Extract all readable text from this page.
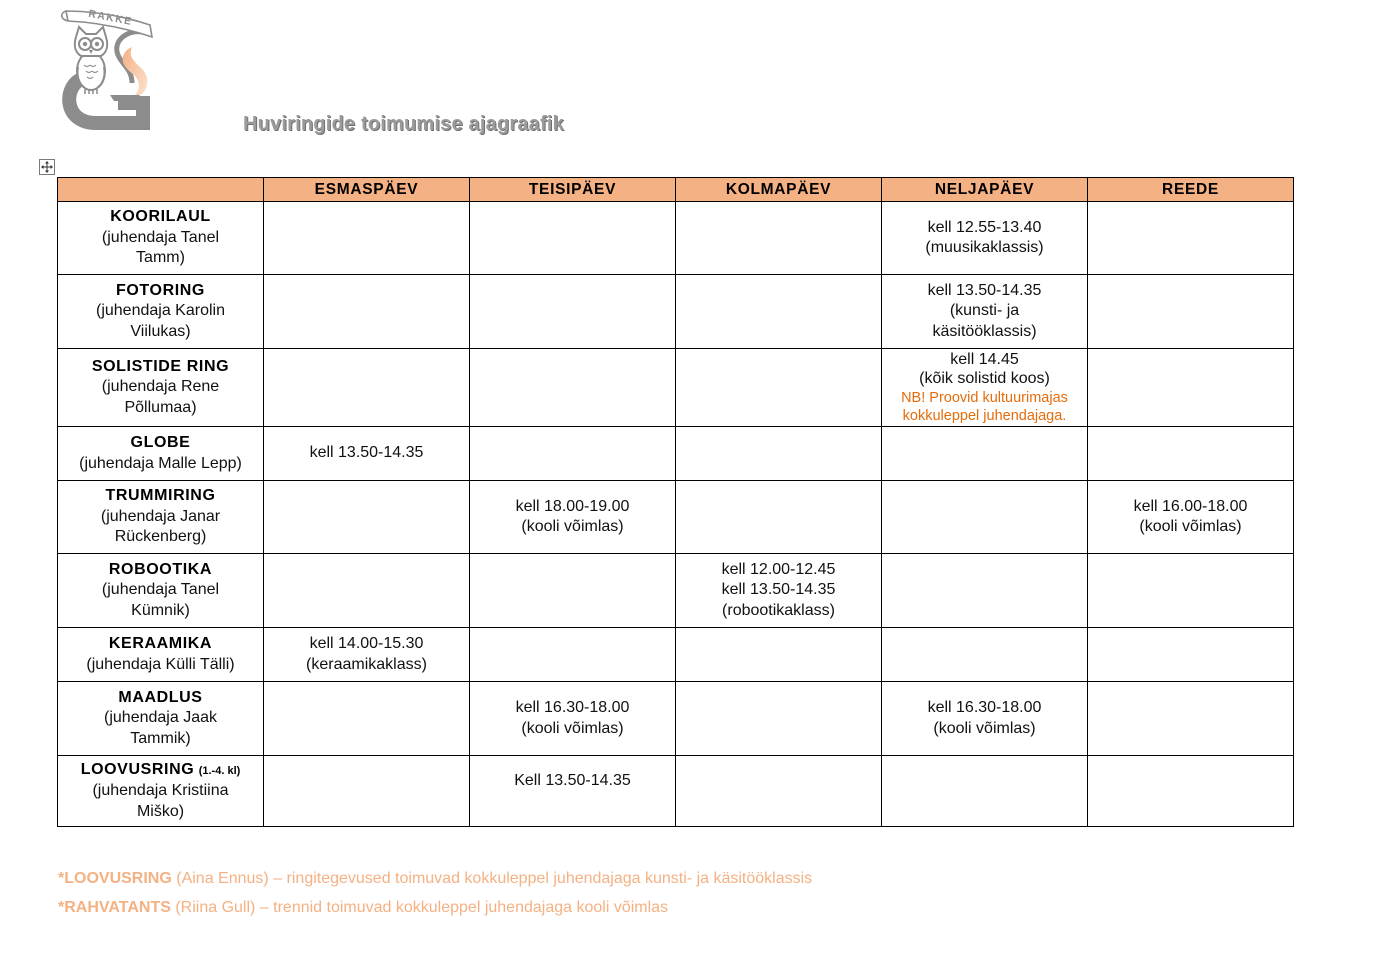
RAKKE
Huviringide toimumise ajagraafik
	ESMASPÄEV	TEISIPÄEV	KOLMAPÄEV	NELJAPÄEV	REEDE

KOORILAUL
(juhendaja Tanel
Tamm)				kell 12.55-13.40
(muusikaklassis)	

FOTORING
(juhendaja Karolin
Viilukas)				kell 13.50-14.35
(kunsti- ja
käsitööklassis)	

SOLISTIDE RING
(juhendaja Rene
Põllumaa)				kell 14.45
(kõik solistid koos)
NB! Proovid kultuurimajas
kokkuleppel juhendajaga.	

GLOBE
(juhendaja Malle Lepp)	kell 13.50-14.35				

TRUMMIRING
(juhendaja Janar
Rückenberg)		kell 18.00-19.00
(kooli võimlas)			kell 16.00-18.00
(kooli võimlas)

ROBOOTIKA
(juhendaja Tanel
Kümnik)			kell 12.00-12.45
kell 13.50-14.35
(robootikaklass)		

KERAAMIKA
(juhendaja Külli Tälli)	kell 14.00-15.30
(keraamikaklass)				

MAADLUS
(juhendaja Jaak
Tammik)		kell 16.30-18.00
(kooli võimlas)		kell 16.30-18.00
(kooli võimlas)	

LOOVUSRING (1.-4. kl)
(juhendaja Kristiina
Miško)		Kell 13.50-14.35			

*LOOVUSRING (Aina Ennus) – ringitegevused toimuvad kokkuleppel juhendajaga kunsti- ja käsitööklassis
*RAHVATANTS (Riina Gull) – trennid toimuvad kokkuleppel juhendajaga kooli võimlas
